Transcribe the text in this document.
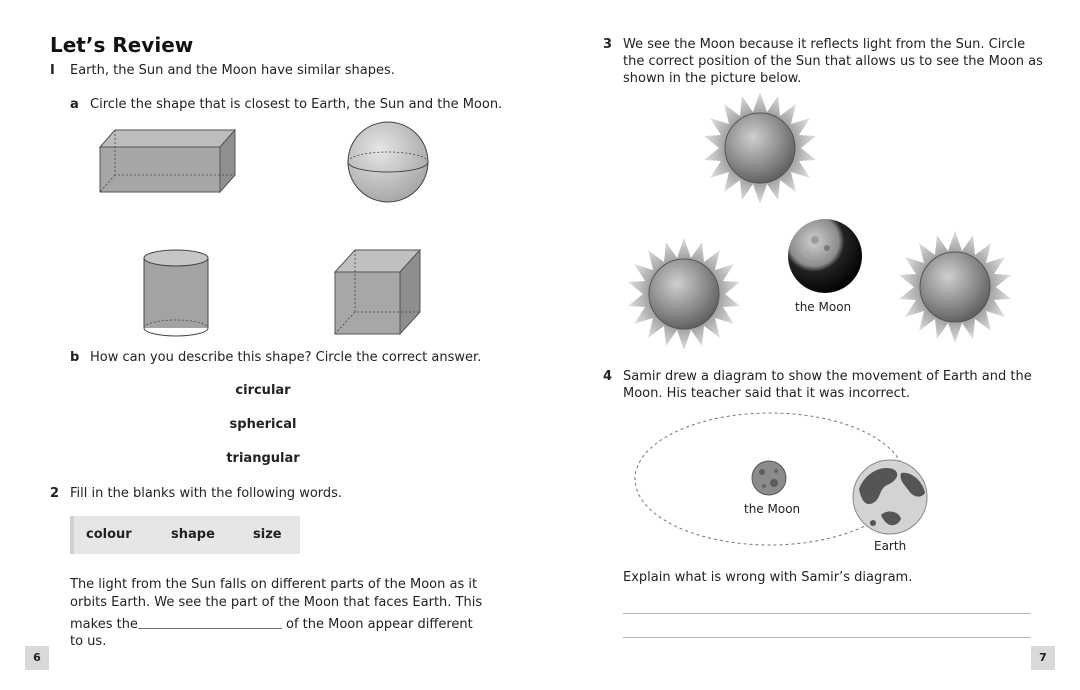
Let’s Review
I Earth, the Sun and the Moon have similar shapes.
a Circle the shape that is closest to Earth, the Sun and the Moon.
b How can you describe this shape? Circle the correct answer.
circular
spherical
triangular
2 Fill in the blanks with the following words.
colour	shape	size
The light from the Sun falls on different parts of the Moon as it
orbits Earth. We see the part of the Moon that faces Earth. This
makes the	of the Moon appear different
to us.
6
3 We see the Moon because it reflects light from the Sun. Circle
the correct position of the Sun that allows us to see the Moon as
shown in the picture below.
the Moon
4 Samir drew a diagram to show the movement of Earth and the
Moon. His teacher said that it was incorrect.
the Moon
Earth
Explain what is wrong with Samir’s diagram.
7
